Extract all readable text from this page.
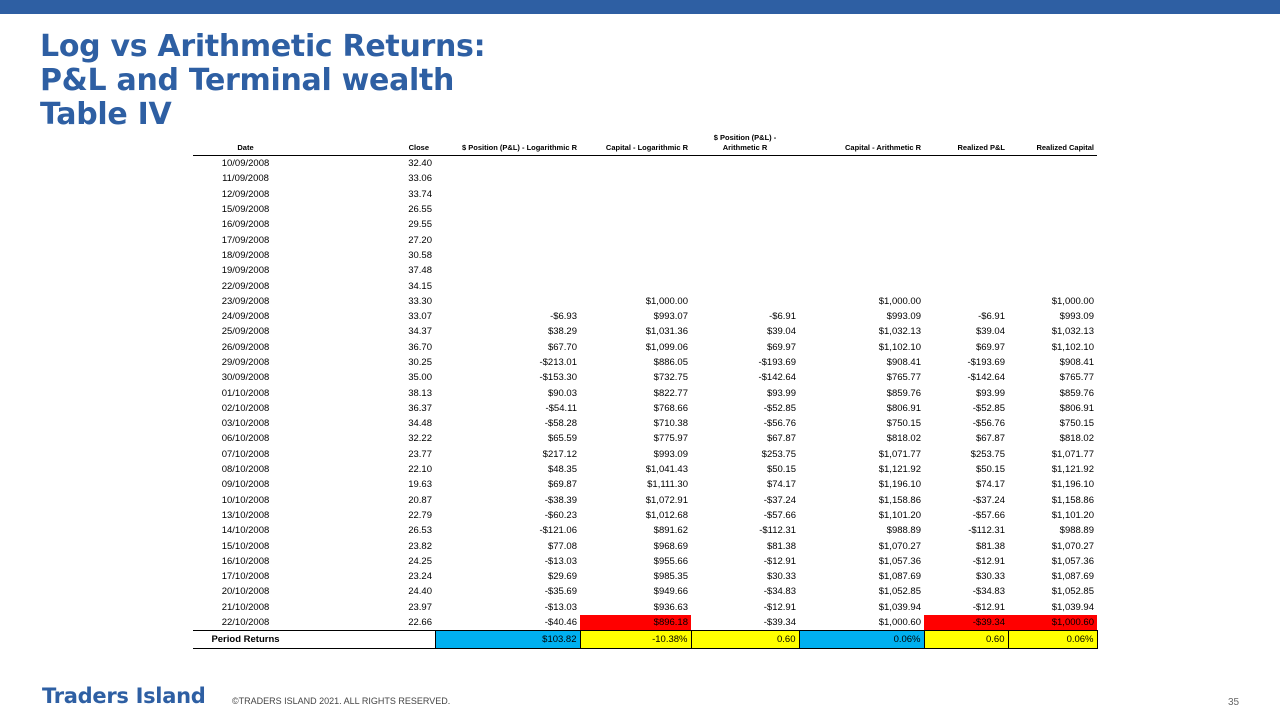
Log vs Arithmetic Returns:
P&L and Terminal wealth
Table IV
Date	Close	$ Position (P&L) - Logarithmic R	Capital - Logarithmic R	$ Position (P&L) - Arithmetic R	Capital - Arithmetic R	Realized P&L	Realized Capital
10/09/2008	32.40						
11/09/2008	33.06						
12/09/2008	33.74						
15/09/2008	26.55						
16/09/2008	29.55						
17/09/2008	27.20						
18/09/2008	30.58						
19/09/2008	37.48						
22/09/2008	34.15						
23/09/2008	33.30		$1,000.00		$1,000.00		$1,000.00
24/09/2008	33.07	-$6.93	$993.07	-$6.91	$993.09	-$6.91	$993.09
25/09/2008	34.37	$38.29	$1,031.36	$39.04	$1,032.13	$39.04	$1,032.13
26/09/2008	36.70	$67.70	$1,099.06	$69.97	$1,102.10	$69.97	$1,102.10
29/09/2008	30.25	-$213.01	$886.05	-$193.69	$908.41	-$193.69	$908.41
30/09/2008	35.00	-$153.30	$732.75	-$142.64	$765.77	-$142.64	$765.77
01/10/2008	38.13	$90.03	$822.77	$93.99	$859.76	$93.99	$859.76
02/10/2008	36.37	-$54.11	$768.66	-$52.85	$806.91	-$52.85	$806.91
03/10/2008	34.48	-$58.28	$710.38	-$56.76	$750.15	-$56.76	$750.15
06/10/2008	32.22	$65.59	$775.97	$67.87	$818.02	$67.87	$818.02
07/10/2008	23.77	$217.12	$993.09	$253.75	$1,071.77	$253.75	$1,071.77
08/10/2008	22.10	$48.35	$1,041.43	$50.15	$1,121.92	$50.15	$1,121.92
09/10/2008	19.63	$69.87	$1,111.30	$74.17	$1,196.10	$74.17	$1,196.10
10/10/2008	20.87	-$38.39	$1,072.91	-$37.24	$1,158.86	-$37.24	$1,158.86
13/10/2008	22.79	-$60.23	$1,012.68	-$57.66	$1,101.20	-$57.66	$1,101.20
14/10/2008	26.53	-$121.06	$891.62	-$112.31	$988.89	-$112.31	$988.89
15/10/2008	23.82	$77.08	$968.69	$81.38	$1,070.27	$81.38	$1,070.27
16/10/2008	24.25	-$13.03	$955.66	-$12.91	$1,057.36	-$12.91	$1,057.36
17/10/2008	23.24	$29.69	$985.35	$30.33	$1,087.69	$30.33	$1,087.69
20/10/2008	24.40	-$35.69	$949.66	-$34.83	$1,052.85	-$34.83	$1,052.85
21/10/2008	23.97	-$13.03	$936.63	-$12.91	$1,039.94	-$12.91	$1,039.94
22/10/2008	22.66	-$40.46	$896.18	-$39.34	$1,000.60	-$39.34	$1,000.60
Period Returns		$103.82	-10.38%	0.60	0.06%	0.60	0.06%
Traders Island	©TRADERS ISLAND 2021. ALL RIGHTS RESERVED.	35
